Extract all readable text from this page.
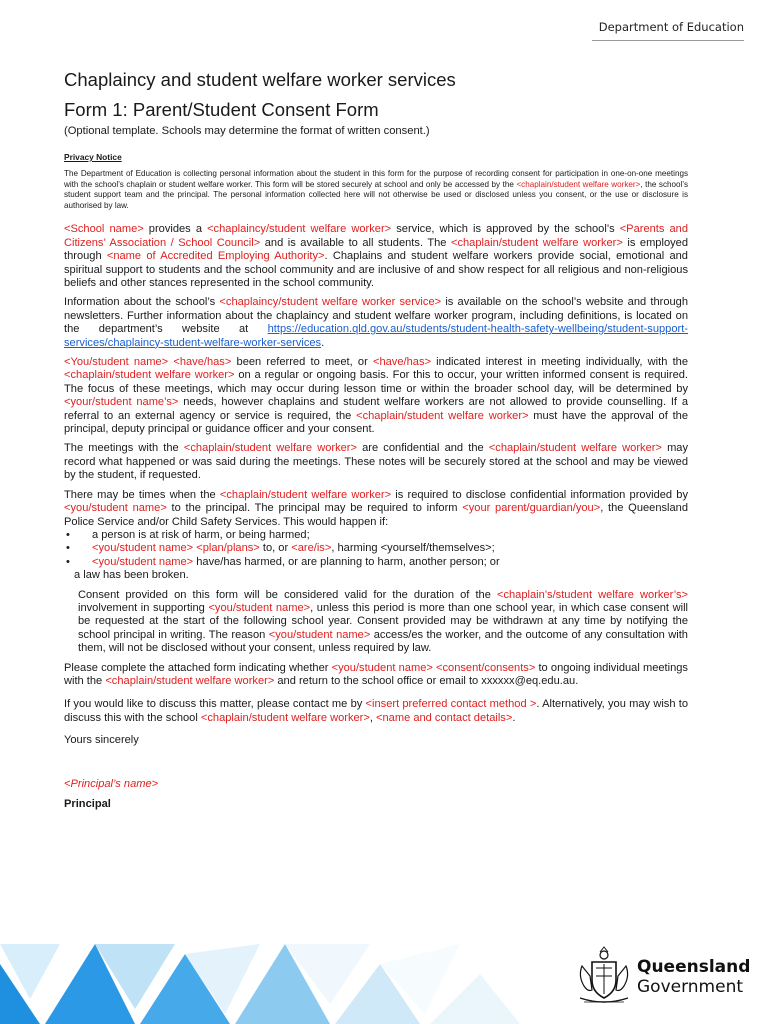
Department of Education
Chaplaincy and student welfare worker services
Form 1: Parent/Student Consent Form
(Optional template. Schools may determine the format of written consent.)
Privacy Notice
The Department of Education is collecting personal information about the student in this form for the purpose of recording consent for participation in one-on-one meetings with the school’s chaplain or student welfare worker. This form will be stored securely at school and only be accessed by the <chaplain/student welfare worker>, the school’s student support team and the principal. The personal information collected here will not otherwise be used or disclosed unless you consent, or the use or disclosure is authorised by law.

<School name> provides a <chaplaincy/student welfare worker> service, which is approved by the school’s <Parents and Citizens’ Association / School Council> and is available to all students. The <chaplain/student welfare worker> is employed through <name of Accredited Employing Authority>. Chaplains and student welfare workers provide social, emotional and spiritual support to students and the school community and are inclusive of and show respect for all religious and non-religious beliefs and other stances represented in the school community.

Information about the school’s <chaplaincy/student welfare worker service> is available on the school’s website and through newsletters. Further information about the chaplaincy and student welfare worker program, including definitions, is located on the department’s website at https://education.qld.gov.au/students/student-health-safety-wellbeing/student-support-services/chaplaincy-student-welfare-worker-services.

<You/student name> <have/has> been referred to meet, or <have/has> indicated interest in meeting individually, with the <chaplain/student welfare worker> on a regular or ongoing basis. For this to occur, your written informed consent is required. The focus of these meetings, which may occur during lesson time or within the broader school day, will be determined by <your/student name’s> needs, however chaplains and student welfare workers are not allowed to provide counselling. If a referral to an external agency or service is required, the <chaplain/student welfare worker> must have the approval of the principal, deputy principal or guidance officer and your consent.

The meetings with the <chaplain/student welfare worker> are confidential and the <chaplain/student welfare worker> may record what happened or was said during the meetings. These notes will be securely stored at the school and may be viewed by the student, if requested.

There may be times when the <chaplain/student welfare worker> is required to disclose confidential information provided by <you/student name> to the principal. The principal may be required to inform <your parent/guardian/you>, the Queensland Police Service and/or Child Safety Services. This would happen if:

• a person is at risk of harm, or being harmed;
• <you/student name> <plan/plans> to, or <are/is>, harming <yourself/themselves>;
• <you/student name> have/has harmed, or are planning to harm, another person; or
a law has been broken.

Consent provided on this form will be considered valid for the duration of the <chaplain’s/student welfare worker’s> involvement in supporting <you/student name>, unless this period is more than one school year, in which case consent will be requested at the start of the following school year. Consent provided may be withdrawn at any time by notifying the school principal in writing. The reason <you/student name> access/es the worker, and the outcome of any consultation with them, will not be disclosed without your consent, unless required by law.

Please complete the attached form indicating whether <you/student name> <consent/consents> to ongoing individual meetings with the <chaplain/student welfare worker> and return to the school office or email to xxxxxx@eq.edu.au.

If you would like to discuss this matter, please contact me by <insert preferred contact method >. Alternatively, you may wish to discuss this with the school <chaplain/student welfare worker>, <name and contact details>.

Yours sincerely
<Principal’s name>
Principal
Queensland
Government
